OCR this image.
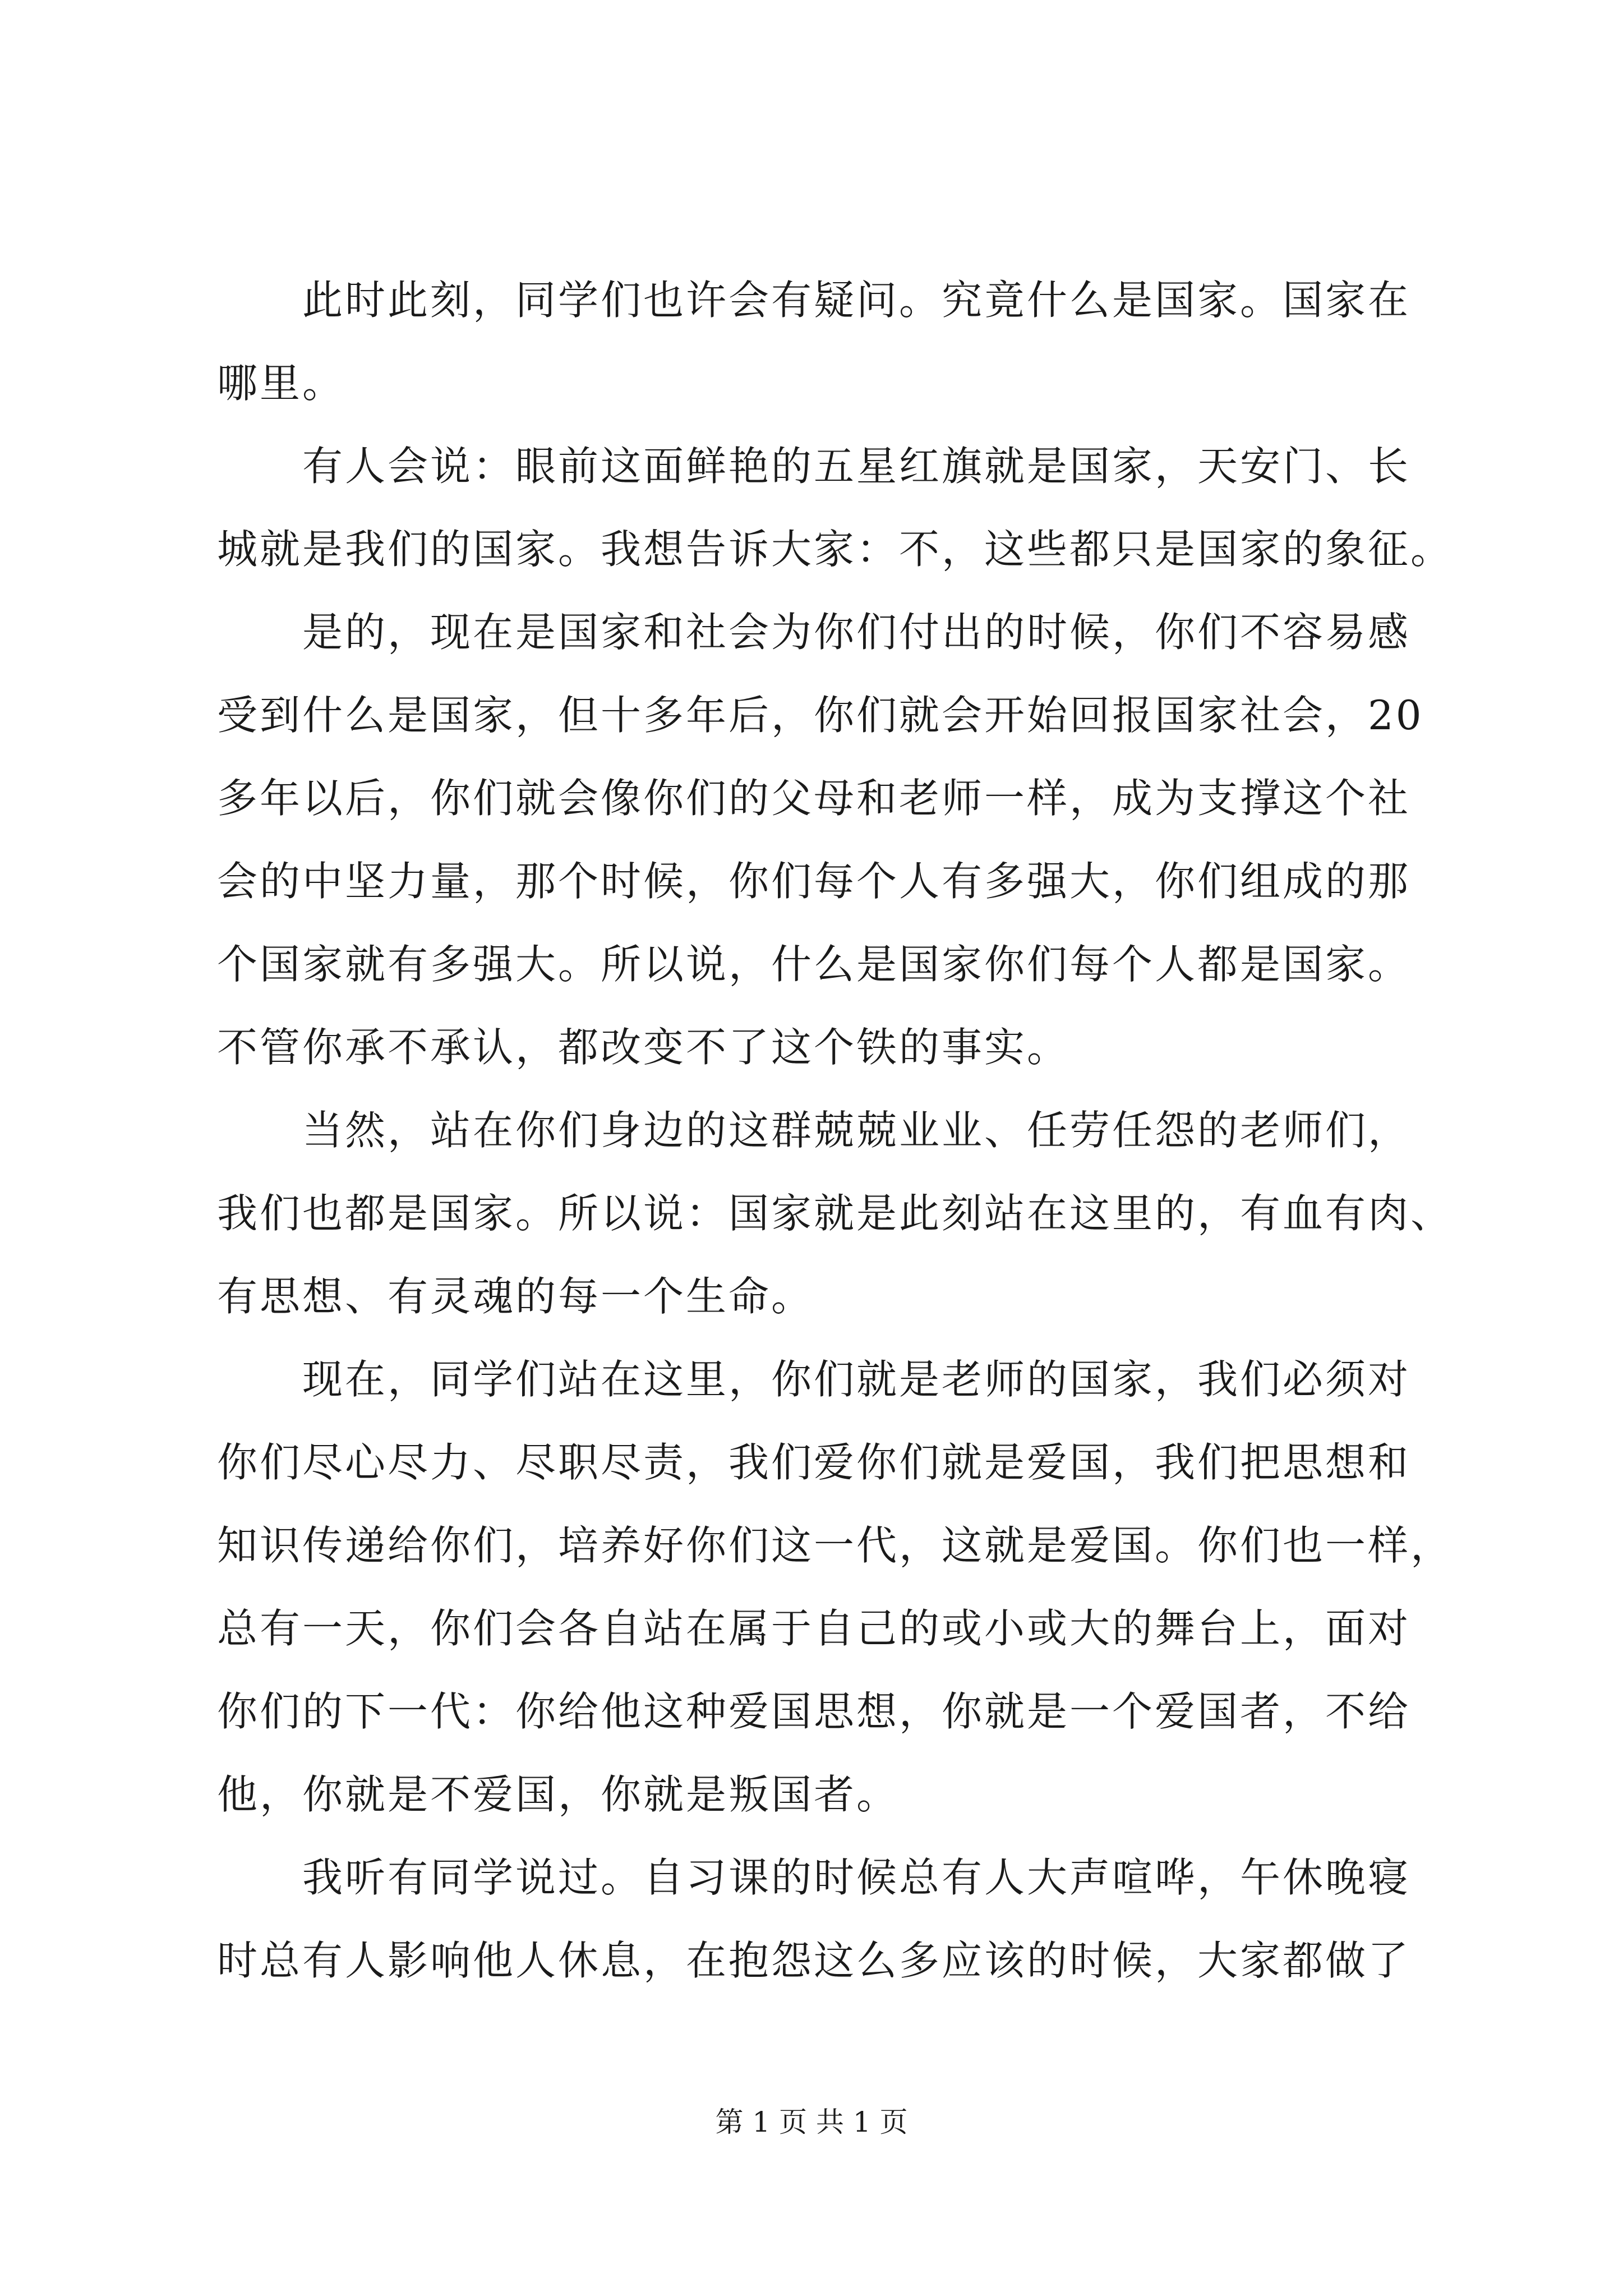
　　此时此刻，同学们也许会有疑问。究竟什么是国家。国家在
哪里。
　　有人会说：眼前这面鲜艳的五星红旗就是国家，天安门、长
城就是我们的国家。我想告诉大家：不，这些都只是国家的象征。
　　是的，现在是国家和社会为你们付出的时候，你们不容易感
受到什么是国家，但十多年后，你们就会开始回报国家社会，20
多年以后，你们就会像你们的父母和老师一样，成为支撑这个社
会的中坚力量，那个时候，你们每个人有多强大，你们组成的那
个国家就有多强大。所以说，什么是国家你们每个人都是国家。
不管你承不承认，都改变不了这个铁的事实。
　　当然，站在你们身边的这群兢兢业业、任劳任怨的老师们，
我们也都是国家。所以说：国家就是此刻站在这里的，有血有肉、
有思想、有灵魂的每一个生命。
　　现在，同学们站在这里，你们就是老师的国家，我们必须对
你们尽心尽力、尽职尽责，我们爱你们就是爱国，我们把思想和
知识传递给你们，培养好你们这一代，这就是爱国。你们也一样，
总有一天，你们会各自站在属于自己的或小或大的舞台上，面对
你们的下一代：你给他这种爱国思想，你就是一个爱国者，不给
他，你就是不爱国，你就是叛国者。
　　我听有同学说过。自习课的时候总有人大声喧哗，午休晚寝
时总有人影响他人休息，在抱怨这么多应该的时候，大家都做了
第 1 页 共 1 页
